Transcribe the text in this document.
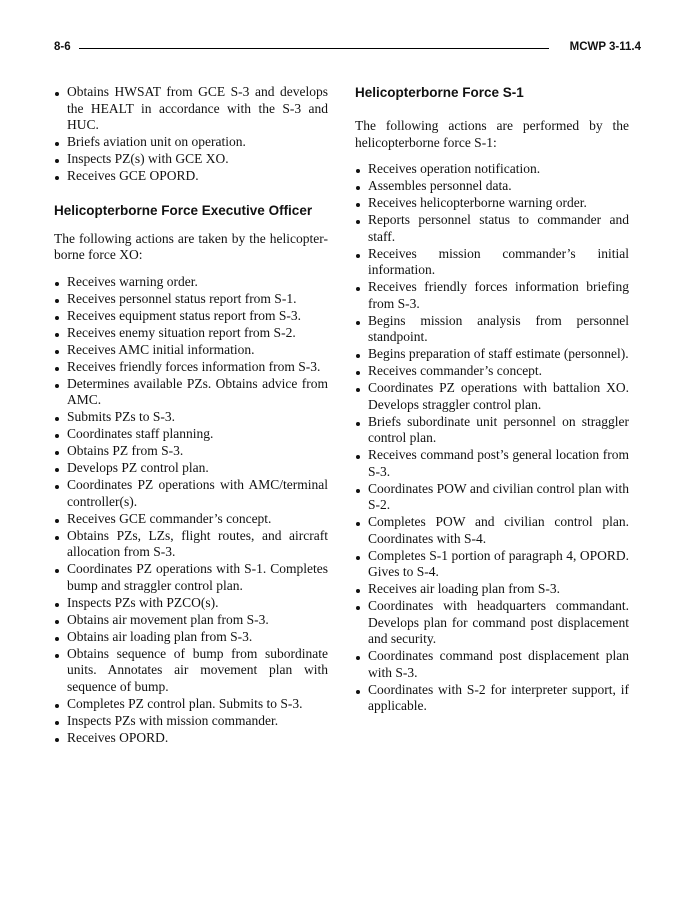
8-6	MCWP 3-11.4
Obtains HWSAT from GCE S-3 and develops the HEALT in accordance with the S-3 and HUC.
Briefs aviation unit on operation.
Inspects PZ(s) with GCE XO.
Receives GCE OPORD.
Helicopterborne Force Executive Officer

The following actions are taken by the helicopter-borne force XO:

Receives warning order.
Receives personnel status report from S-1.
Receives equipment status report from S-3.
Receives enemy situation report from S-2.
Receives AMC initial information.
Receives friendly forces information from S-3.
Determines available PZs. Obtains advice from AMC.
Submits PZs to S-3.
Coordinates staff planning.
Obtains PZ from S-3.
Develops PZ control plan.
Coordinates PZ operations with AMC/terminal controller(s).
Receives GCE commander’s concept.
Obtains PZs, LZs, flight routes, and aircraft allocation from S-3.
Coordinates PZ operations with S-1. Completes bump and straggler control plan.
Inspects PZs with PZCO(s).
Obtains air movement plan from S-3.
Obtains air loading plan from S-3.
Obtains sequence of bump from subordinate units. Annotates air movement plan with sequence of bump.
Completes PZ control plan. Submits to S-3.
Inspects PZs with mission commander.
Receives OPORD.
Helicopterborne Force S-1

The following actions are performed by the helicopterborne force S-1:

Receives operation notification.
Assembles personnel data.
Receives helicopterborne warning order.
Reports personnel status to commander and staff.
Receives mission commander’s initial information.
Receives friendly forces information briefing from S-3.
Begins mission analysis from personnel standpoint.
Begins preparation of staff estimate (personnel).
Receives commander’s concept.
Coordinates PZ operations with battalion XO. Develops straggler control plan.
Briefs subordinate unit personnel on straggler control plan.
Receives command post’s general location from S-3.
Coordinates POW and civilian control plan with S-2.
Completes POW and civilian control plan. Coordinates with S-4.
Completes S-1 portion of paragraph 4, OPORD. Gives to S-4.
Receives air loading plan from S-3.
Coordinates with headquarters commandant. Develops plan for command post displacement and security.
Coordinates command post displacement plan with S-3.
Coordinates with S-2 for interpreter support, if applicable.
